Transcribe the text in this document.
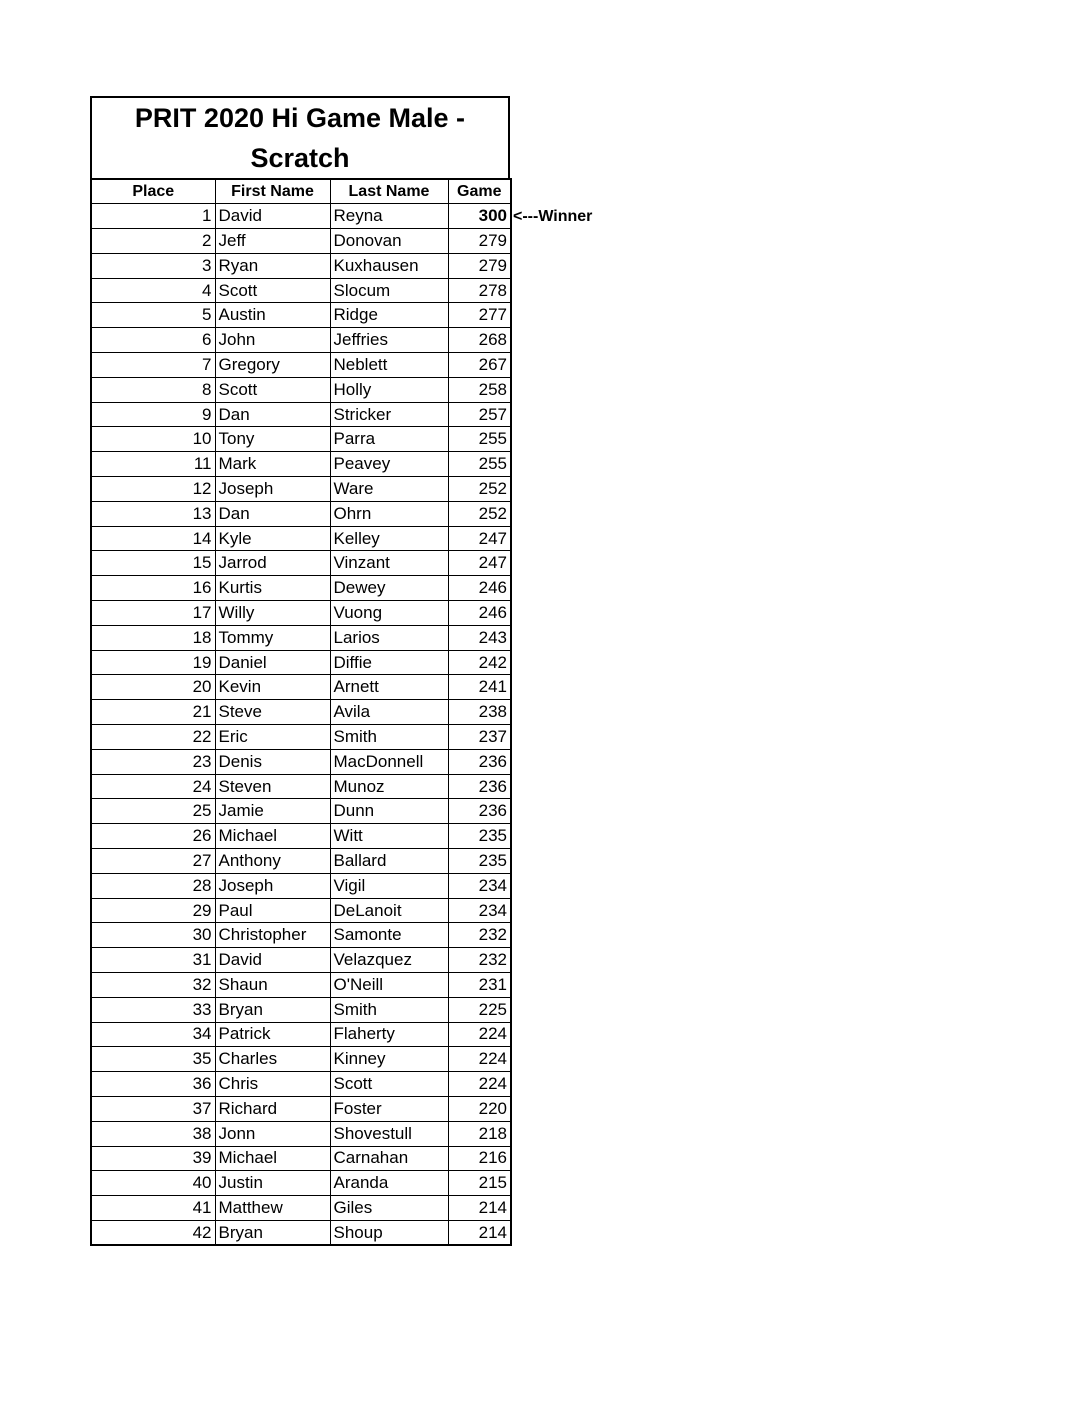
PRIT 2020 Hi Game Male - Scratch
Place	First Name	Last Name	Game
1	David	Reyna	300
2	Jeff	Donovan	279
3	Ryan	Kuxhausen	279
4	Scott	Slocum	278
5	Austin	Ridge	277
6	John	Jeffries	268
7	Gregory	Neblett	267
8	Scott	Holly	258
9	Dan	Stricker	257
10	Tony	Parra	255
11	Mark	Peavey	255
12	Joseph	Ware	252
13	Dan	Ohrn	252
14	Kyle	Kelley	247
15	Jarrod	Vinzant	247
16	Kurtis	Dewey	246
17	Willy	Vuong	246
18	Tommy	Larios	243
19	Daniel	Diffie	242
20	Kevin	Arnett	241
21	Steve	Avila	238
22	Eric	Smith	237
23	Denis	MacDonnell	236
24	Steven	Munoz	236
25	Jamie	Dunn	236
26	Michael	Witt	235
27	Anthony	Ballard	235
28	Joseph	Vigil	234
29	Paul	DeLanoit	234
30	Christopher	Samonte	232
31	David	Velazquez	232
32	Shaun	O'Neill	231
33	Bryan	Smith	225
34	Patrick	Flaherty	224
35	Charles	Kinney	224
36	Chris	Scott	224
37	Richard	Foster	220
38	Jonn	Shovestull	218
39	Michael	Carnahan	216
40	Justin	Aranda	215
41	Matthew	Giles	214
42	Bryan	Shoup	214
<---Winner
